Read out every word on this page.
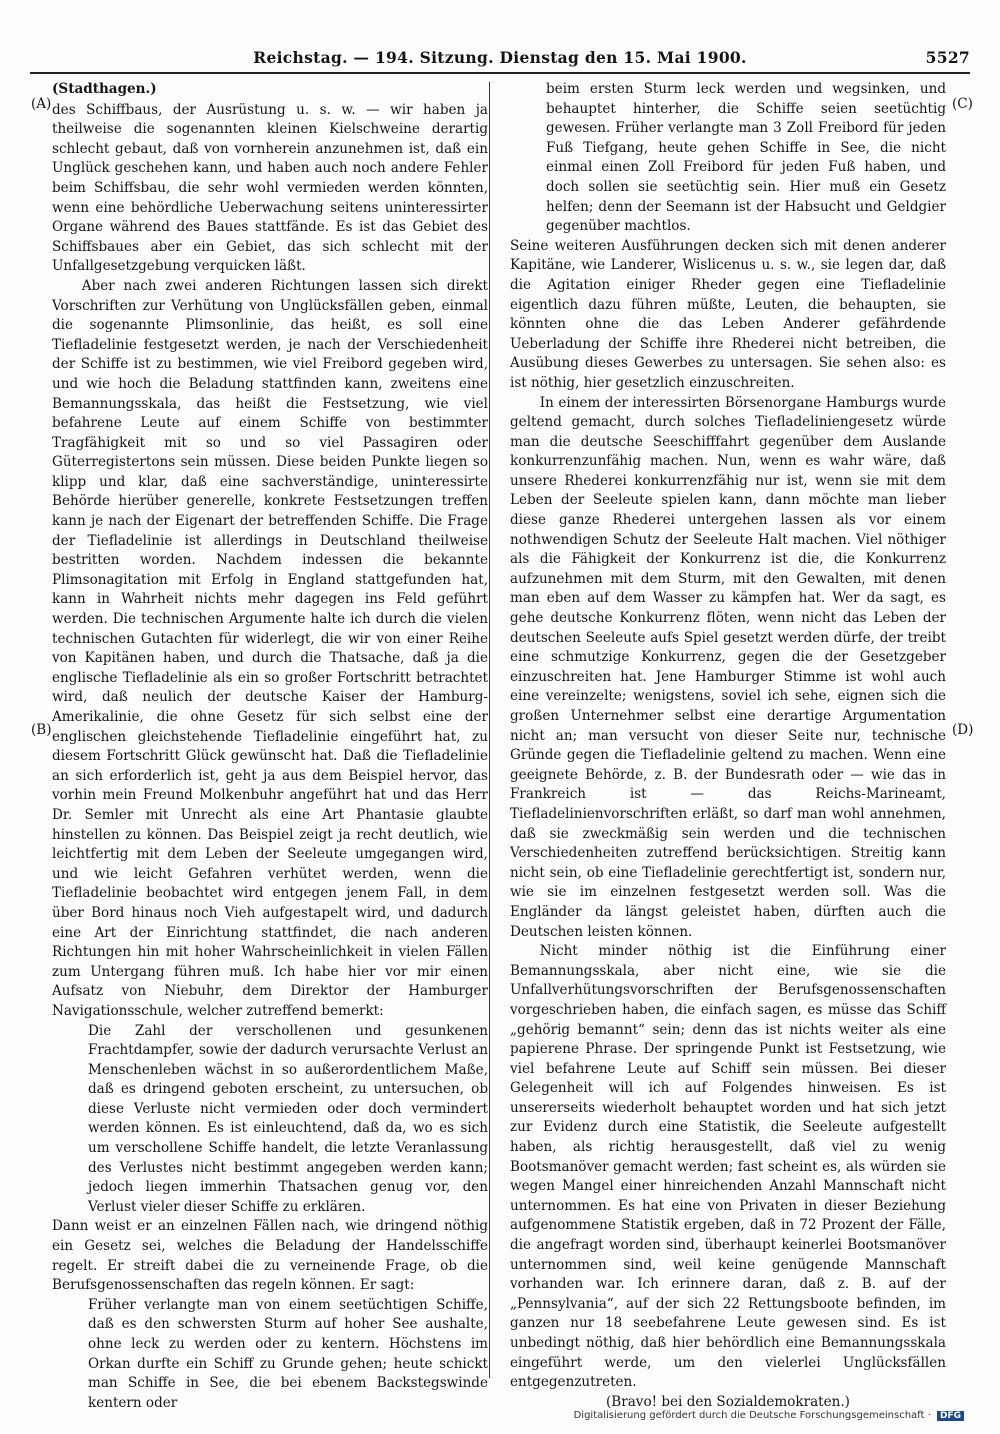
Reichstag. — 194. Sitzung. Dienstag den 15. Mai 1900.	5527
(A)
(B)
(C)
(D)

(Stadthagen.)

des Schiffbaus, der Ausrüstung u. s. w. — wir haben ja theilweise die sogenannten kleinen Kielschweine derartig schlecht gebaut, daß von vornherein anzunehmen ist, daß ein Unglück geschehen kann, und haben auch noch andere Fehler beim Schiffsbau, die sehr wohl vermieden werden könnten, wenn eine behördliche Ueberwachung seitens uninteressirter Organe während des Baues stattfände. Es ist das Gebiet des Schiffsbaues aber ein Gebiet, das sich schlecht mit der Unfallgesetzgebung verquicken läßt.

Aber nach zwei anderen Richtungen lassen sich direkt Vorschriften zur Verhütung von Unglücksfällen geben, einmal die sogenannte Plimsonlinie, das heißt, es soll eine Tiefladelinie festgesetzt werden, je nach der Verschiedenheit der Schiffe ist zu bestimmen, wie viel Freibord gegeben wird, und wie hoch die Beladung stattfinden kann, zweitens eine Bemannungsskala, das heißt die Festsetzung, wie viel befahrene Leute auf einem Schiffe von bestimmter Tragfähigkeit mit so und so viel Passagiren oder Güterregistertons sein müssen. Diese beiden Punkte liegen so klipp und klar, daß eine sachverständige, uninteressirte Behörde hierüber generelle, konkrete Festsetzungen treffen kann je nach der Eigenart der betreffenden Schiffe. Die Frage der Tiefladelinie ist allerdings in Deutschland theilweise bestritten worden. Nachdem indessen die bekannte Plimsonagitation mit Erfolg in England stattgefunden hat, kann in Wahrheit nichts mehr dagegen ins Feld geführt werden. Die technischen Argumente halte ich durch die vielen technischen Gutachten für widerlegt, die wir von einer Reihe von Kapitänen haben, und durch die Thatsache, daß ja die englische Tiefladelinie als ein so großer Fortschritt betrachtet wird, daß neulich der deutsche Kaiser der Hamburg-Amerikalinie, die ohne Gesetz für sich selbst eine der englischen gleichstehende Tiefladelinie eingeführt hat, zu diesem Fortschritt Glück gewünscht hat. Daß die Tiefladelinie an sich erforderlich ist, geht ja aus dem Beispiel hervor, das vorhin mein Freund Molkenbuhr angeführt hat und das Herr Dr. Semler mit Unrecht als eine Art Phantasie glaubte hinstellen zu können. Das Beispiel zeigt ja recht deutlich, wie leichtfertig mit dem Leben der Seeleute umgegangen wird, und wie leicht Gefahren verhütet werden, wenn die Tiefladelinie beobachtet wird entgegen jenem Fall, in dem über Bord hinaus noch Vieh aufgestapelt wird, und dadurch eine Art der Einrichtung stattfindet, die nach anderen Richtungen hin mit hoher Wahrscheinlichkeit in vielen Fällen zum Untergang führen muß. Ich habe hier vor mir einen Aufsatz von Niebuhr, dem Direktor der Hamburger Navigationsschule, welcher zutreffend bemerkt:

Die Zahl der verschollenen und gesunkenen Frachtdampfer, sowie der dadurch verursachte Verlust an Menschenleben wächst in so außerordentlichem Maße, daß es dringend geboten erscheint, zu untersuchen, ob diese Verluste nicht vermieden oder doch vermindert werden können. Es ist einleuchtend, daß da, wo es sich um verschollene Schiffe handelt, die letzte Veranlassung des Verlustes nicht bestimmt angegeben werden kann; jedoch liegen immerhin Thatsachen genug vor, den Verlust vieler dieser Schiffe zu erklären.

Dann weist er an einzelnen Fällen nach, wie dringend nöthig ein Gesetz sei, welches die Beladung der Handelsschiffe regelt. Er streift dabei die zu verneinende Frage, ob die Berufsgenossenschaften das regeln können. Er sagt:

Früher verlangte man von einem seetüchtigen Schiffe, daß es den schwersten Sturm auf hoher See aushalte, ohne leck zu werden oder zu kentern. Höchstens im Orkan durfte ein Schiff zu Grunde gehen; heute schickt man Schiffe in See, die bei ebenem Backstegswinde kentern oder

beim ersten Sturm leck werden und wegsinken, und behauptet hinterher, die Schiffe seien seetüchtig gewesen. Früher verlangte man 3 Zoll Freibord für jeden Fuß Tiefgang, heute gehen Schiffe in See, die nicht einmal einen Zoll Freibord für jeden Fuß haben, und doch sollen sie seetüchtig sein. Hier muß ein Gesetz helfen; denn der Seemann ist der Habsucht und Geldgier gegenüber machtlos.

Seine weiteren Ausführungen decken sich mit denen anderer Kapitäne, wie Landerer, Wislicenus u. s. w., sie legen dar, daß die Agitation einiger Rheder gegen eine Tiefladelinie eigentlich dazu führen müßte, Leuten, die behaupten, sie könnten ohne die das Leben Anderer gefährdende Ueberladung der Schiffe ihre Rhederei nicht betreiben, die Ausübung dieses Gewerbes zu untersagen. Sie sehen also: es ist nöthig, hier gesetzlich einzuschreiten.

In einem der interessirten Börsenorgane Hamburgs wurde geltend gemacht, durch solches Tiefladeliniengesetz würde man die deutsche Seeschifffahrt gegenüber dem Auslande konkurrenzunfähig machen. Nun, wenn es wahr wäre, daß unsere Rhederei konkurrenzfähig nur ist, wenn sie mit dem Leben der Seeleute spielen kann, dann möchte man lieber diese ganze Rhederei untergehen lassen als vor einem nothwendigen Schutz der Seeleute Halt machen. Viel nöthiger als die Fähigkeit der Konkurrenz ist die, die Konkurrenz aufzunehmen mit dem Sturm, mit den Gewalten, mit denen man eben auf dem Wasser zu kämpfen hat. Wer da sagt, es gehe deutsche Konkurrenz flöten, wenn nicht das Leben der deutschen Seeleute aufs Spiel gesetzt werden dürfe, der treibt eine schmutzige Konkurrenz, gegen die der Gesetzgeber einzuschreiten hat. Jene Hamburger Stimme ist wohl auch eine vereinzelte; wenigstens, soviel ich sehe, eignen sich die großen Unternehmer selbst eine derartige Argumentation nicht an; man versucht von dieser Seite nur, technische Gründe gegen die Tiefladelinie geltend zu machen. Wenn eine geeignete Behörde, z. B. der Bundesrath oder — wie das in Frankreich ist — das Reichs-Marineamt, Tiefladelinienvorschriften erläßt, so darf man wohl annehmen, daß sie zweckmäßig sein werden und die technischen Verschiedenheiten zutreffend berücksichtigen. Streitig kann nicht sein, ob eine Tiefladelinie gerechtfertigt ist, sondern nur, wie sie im einzelnen festgesetzt werden soll. Was die Engländer da längst geleistet haben, dürften auch die Deutschen leisten können.

Nicht minder nöthig ist die Einführung einer Bemannungsskala, aber nicht eine, wie sie die Unfallverhütungsvorschriften der Berufsgenossenschaften vorgeschrieben haben, die einfach sagen, es müsse das Schiff „gehörig bemannt“ sein; denn das ist nichts weiter als eine papierene Phrase. Der springende Punkt ist Festsetzung, wie viel befahrene Leute auf Schiff sein müssen. Bei dieser Gelegenheit will ich auf Folgendes hinweisen. Es ist unsererseits wiederholt behauptet worden und hat sich jetzt zur Evidenz durch eine Statistik, die Seeleute aufgestellt haben, als richtig herausgestellt, daß viel zu wenig Bootsmanöver gemacht werden; fast scheint es, als würden sie wegen Mangel einer hinreichenden Anzahl Mannschaft nicht unternommen. Es hat eine von Privaten in dieser Beziehung aufgenommene Statistik ergeben, daß in 72 Prozent der Fälle, die angefragt worden sind, überhaupt keinerlei Bootsmanöver unternommen sind, weil keine genügende Mannschaft vorhanden war. Ich erinnere daran, daß z. B. auf der „Pennsylvania“, auf der sich 22 Rettungsboote befinden, im ganzen nur 18 seebefahrene Leute gewesen sind. Es ist unbedingt nöthig, daß hier behördlich eine Bemannungsskala eingeführt werde, um den vielerlei Unglücksfällen entgegenzutreten.

(Bravo! bei den Sozialdemokraten.)

Digitalisierung gefördert durch die Deutsche Forschungsgemeinschaft · DFG
